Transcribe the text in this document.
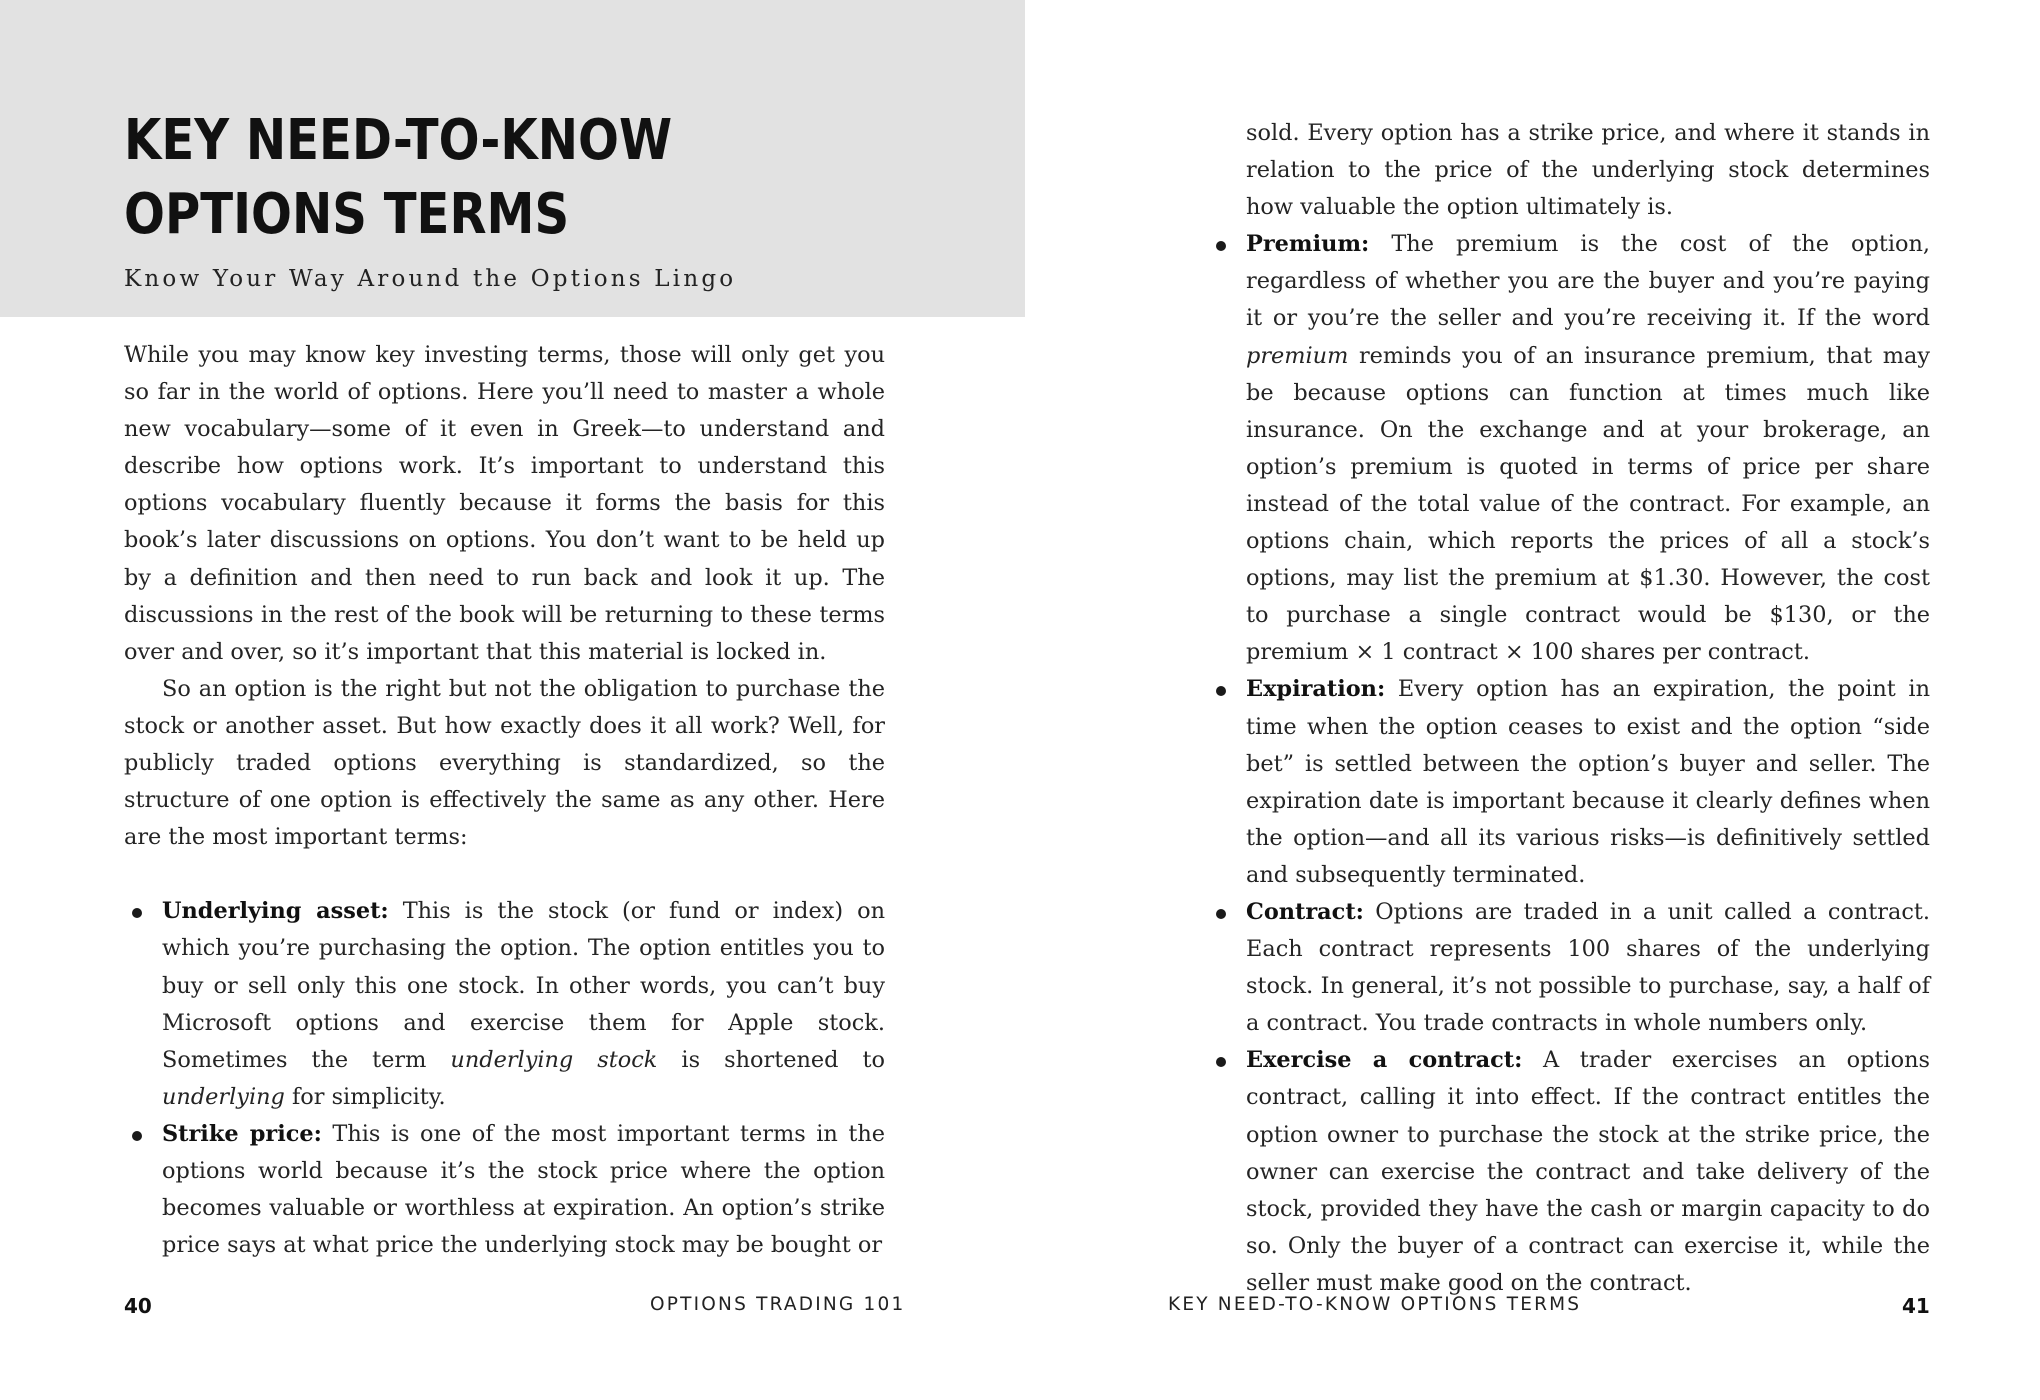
KEY NEED-TO-KNOW
OPTIONS TERMS

Know Your Way Around the Options Lingo

While you may know key investing terms, those will only get you so far in the world of options. Here you’ll need to master a whole new vocabulary—some of it even in Greek—to understand and describe how options work. It’s important to understand this options vocabulary fluently because it forms the basis for this book’s later discussions on options. You don’t want to be held up by a definition and then need to run back and look it up. The discussions in the rest of the book will be returning to these terms over and over, so it’s important that this material is locked in.

So an option is the right but not the obligation to purchase the stock or another asset. But how exactly does it all work? Well, for publicly traded options everything is standardized, so the structure of one option is effectively the same as any other. Here are the most important terms:

Underlying asset: This is the stock (or fund or index) on which you’re purchasing the option. The option entitles you to buy or sell only this one stock. In other words, you can’t buy Microsoft options and exercise them for Apple stock. Sometimes the term underlying stock is shortened to underlying for simplicity.
Strike price: This is one of the most important terms in the options world because it’s the stock price where the option becomes valuable or worthless at expiration. An option’s strike price says at what price the underlying stock may be bought or
40	OPTIONS TRADING 101
sold. Every option has a strike price, and where it stands in relation to the price of the underlying stock determines how valuable the option ultimately is.
Premium: The premium is the cost of the option, regardless of whether you are the buyer and you’re paying it or you’re the seller and you’re receiving it. If the word premium reminds you of an insurance premium, that may be because options can function at times much like insurance. On the exchange and at your brokerage, an option’s premium is quoted in terms of price per share instead of the total value of the contract. For example, an options chain, which reports the prices of all a stock’s options, may list the premium at $1.30. However, the cost to purchase a single contract would be $130, or the premium × 1 contract × 100 shares per contract.
Expiration: Every option has an expiration, the point in time when the option ceases to exist and the option “side bet” is settled between the option’s buyer and seller. The expiration date is important because it clearly defines when the option—and all its various risks—is definitively settled and subsequently terminated.
Contract: Options are traded in a unit called a contract. Each contract represents 100 shares of the underlying stock. In general, it’s not possible to purchase, say, a half of a contract. You trade contracts in whole numbers only.
Exercise a contract: A trader exercises an options contract, calling it into effect. If the contract entitles the option owner to purchase the stock at the strike price, the owner can exercise the contract and take delivery of the stock, provided they have the cash or margin capacity to do so. Only the buyer of a contract can exercise it, while the seller must make good on the contract.
KEY NEED-TO-KNOW OPTIONS TERMS	41
